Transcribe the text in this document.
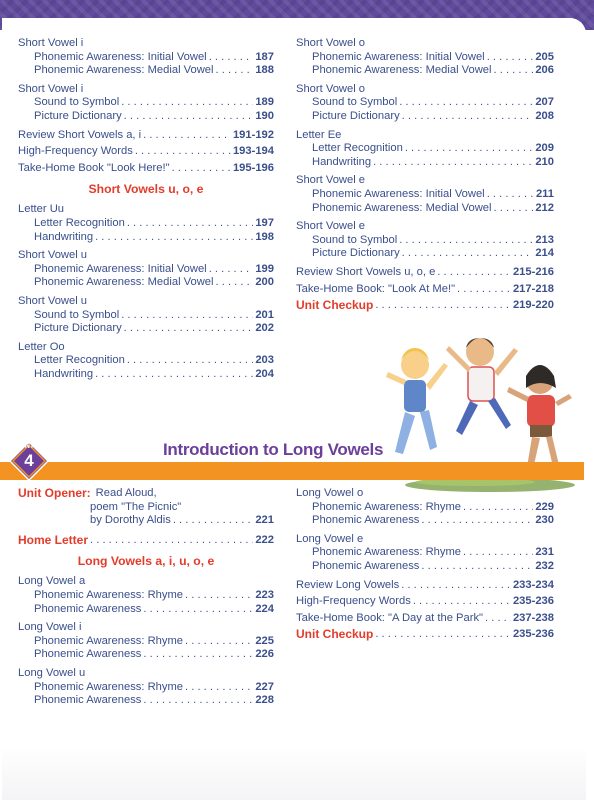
Short Vowel i
Phonemic Awareness: Initial Vowel . . .	187
Phonemic Awareness: Medial Vowel . . .	188
Short Vowel i
Sound to Symbol . . .	189
Picture Dictionary . . .	190
Review Short Vowels a, i . . .	191-192
High-Frequency Words . . .	193-194
Take-Home Book "Look Here!" . . .	195-196
Short Vowels u, o, e
Letter Uu
Letter Recognition . . .	197
Handwriting . . .	198
Short Vowel u
Phonemic Awareness: Initial Vowel . . .	199
Phonemic Awareness: Medial Vowel . . .	200
Short Vowel u
Sound to Symbol . . .	201
Picture Dictionary . . .	202
Letter Oo
Letter Recognition . . .	203
Handwriting . . .	204
Short Vowel o
Phonemic Awareness: Initial Vowel . . .	205
Phonemic Awareness: Medial Vowel . . .	206
Short Vowel o
Sound to Symbol . . .	207
Picture Dictionary . . .	208
Letter Ee
Letter Recognition . . .	209
Handwriting . . .	210
Short Vowel e
Phonemic Awareness: Initial Vowel . . .	211
Phonemic Awareness: Medial Vowel . . .	212
Short Vowel e
Sound to Symbol . . .	213
Picture Dictionary . . .	214
Review Short Vowels u, o, e . . .	215-216
Take-Home Book: "Look At Me!" . . .	217-218
Unit Checkup . . .	219-220
UNIT
4
Introduction to Long Vowels
Unit Opener: Read Aloud,
poem "The Picnic"
by Dorothy Aldis . . .	221
Home Letter . . .	222
Long Vowels a, i, u, o, e
Long Vowel a
Phonemic Awareness: Rhyme . . .	223
Phonemic Awareness . . .	224
Long Vowel i
Phonemic Awareness: Rhyme . . .	225
Phonemic Awareness . . .	226
Long Vowel u
Phonemic Awareness: Rhyme . . .	227
Phonemic Awareness . . .	228
Long Vowel o
Phonemic Awareness: Rhyme . . .	229
Phonemic Awareness . . .	230
Long Vowel e
Phonemic Awareness: Rhyme . . .	231
Phonemic Awareness . . .	232
Review Long Vowels . . .	233-234
High-Frequency Words . . .	235-236
Take-Home Book: "A Day at the Park" . . .	237-238
Unit Checkup . . .	235-236
